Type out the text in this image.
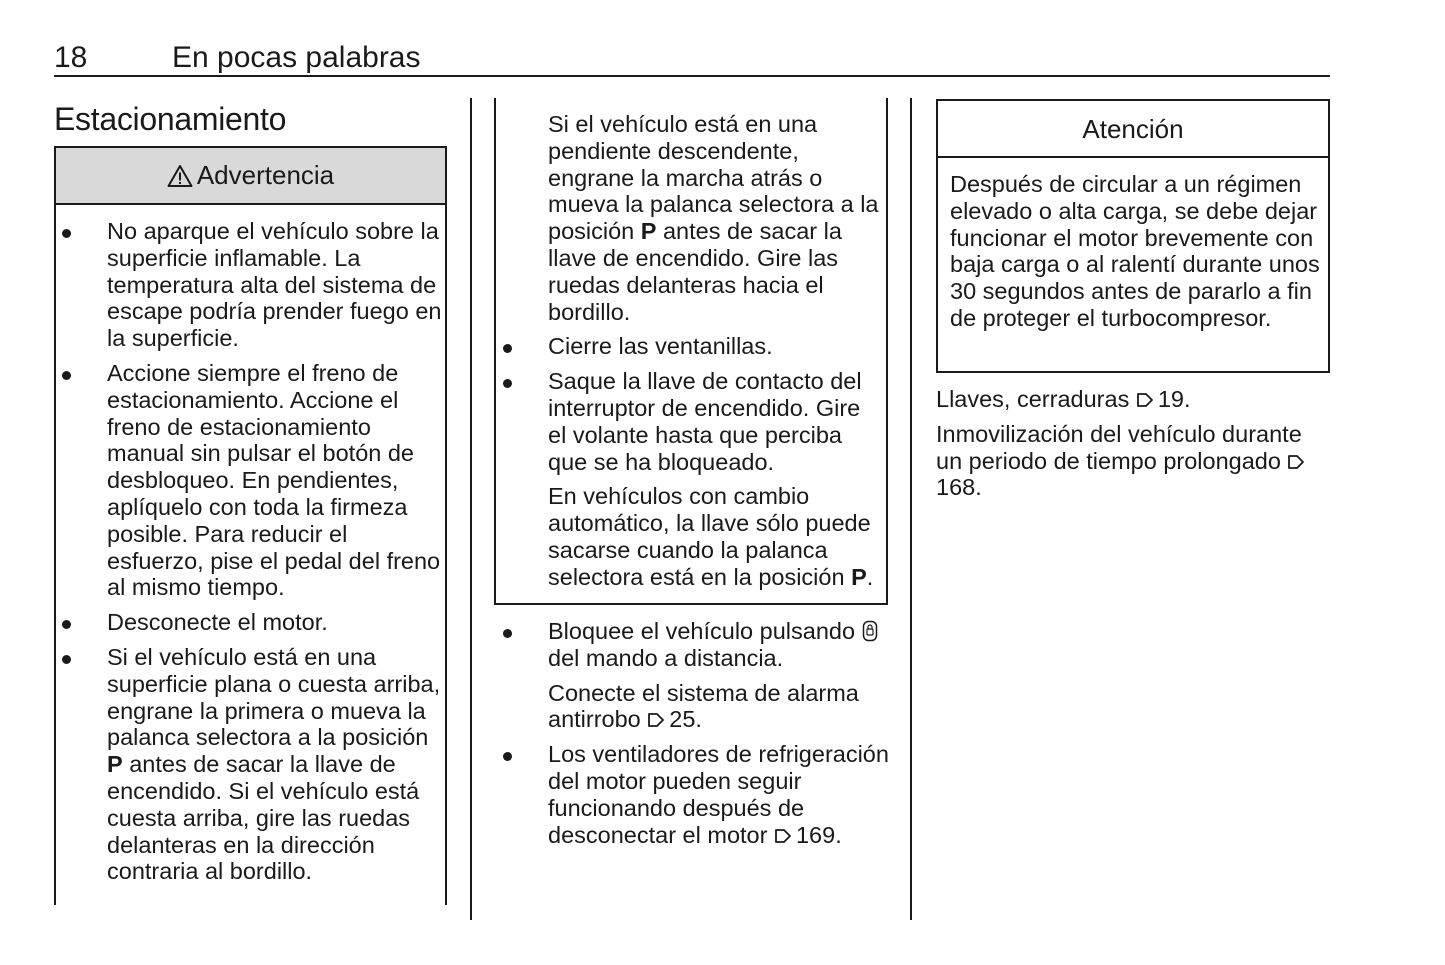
18	En pocas palabras
Estacionamiento
Advertencia
No aparque el vehículo sobre la superficie inflamable. La temperatura alta del sistema de escape podría prender fuego en la superficie.
Accione siempre el freno de estacionamiento. Accione el freno de estacionamiento manual sin pulsar el botón de desbloqueo. En pendientes, aplíquelo con toda la firmeza posible. Para reducir el esfuerzo, pise el pedal del freno al mismo tiempo.
Desconecte el motor.
Si el vehículo está en una superficie plana o cuesta arriba, engrane la primera o mueva la palanca selectora a la posición P antes de sacar la llave de encendido. Si el vehículo está cuesta arriba, gire las ruedas delanteras en la dirección contraria al bordillo.
Si el vehículo está en una pendiente descendente, engrane la marcha atrás o mueva la palanca selectora a la posición P antes de sacar la llave de encendido. Gire las ruedas delanteras hacia el bordillo.
Cierre las ventanillas.
Saque la llave de contacto del interruptor de encendido. Gire el volante hasta que perciba que se ha bloqueado.
En vehículos con cambio automático, la llave sólo puede sacarse cuando la palanca selectora está en la posición P.
Bloquee el vehículo pulsando  del mando a distancia.
Conecte el sistema de alarma antirrobo 25.
Los ventiladores de refrigeración del motor pueden seguir funcionando después de desconectar el motor 169.
Atención
Después de circular a un régimen elevado o alta carga, se debe dejar funcionar el motor brevemente con baja carga o al ralentí durante unos 30 segundos antes de pararlo a fin de proteger el turbocompresor.

Llaves, cerraduras 19.

Inmovilización del vehículo durante un periodo de tiempo prolongado 168.
